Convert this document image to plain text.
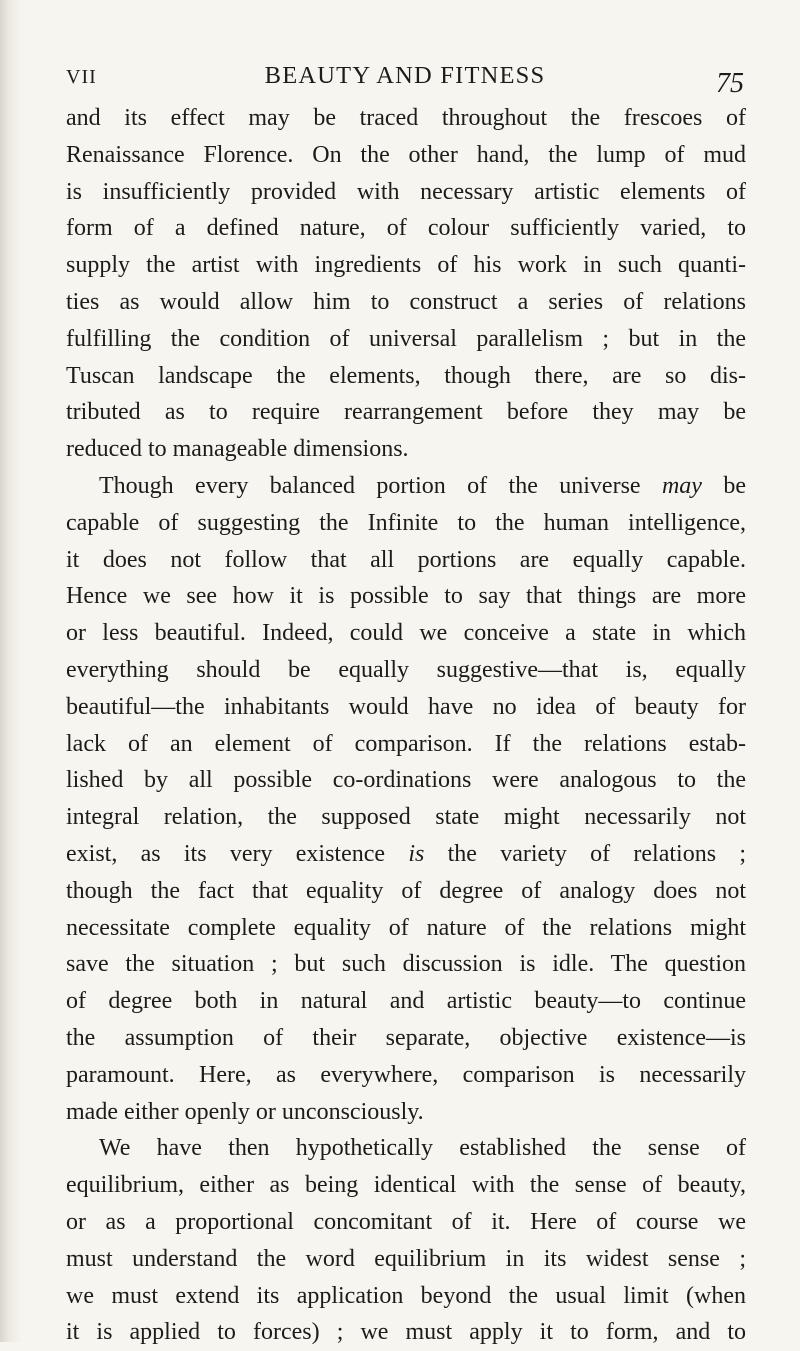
VII	BEAUTY AND FITNESS	75
and its effect may be traced throughout the frescoes of
Renaissance Florence. On the other hand, the lump of mud
is insufficiently provided with necessary artistic elements of
form of a defined nature, of colour sufficiently varied, to
supply the artist with ingredients of his work in such quanti-
ties as would allow him to construct a series of relations
fulfilling the condition of universal parallelism ; but in the
Tuscan landscape the elements, though there, are so dis-
tributed as to require rearrangement before they may be
reduced to manageable dimensions.
Though every balanced portion of the universe may be
capable of suggesting the Infinite to the human intelligence,
it does not follow that all portions are equally capable.
Hence we see how it is possible to say that things are more
or less beautiful. Indeed, could we conceive a state in which
everything should be equally suggestive—that is, equally
beautiful—the inhabitants would have no idea of beauty for
lack of an element of comparison. If the relations estab-
lished by all possible co-ordinations were analogous to the
integral relation, the supposed state might necessarily not
exist, as its very existence is the variety of relations ;
though the fact that equality of degree of analogy does not
necessitate complete equality of nature of the relations might
save the situation ; but such discussion is idle. The question
of degree both in natural and artistic beauty—to continue
the assumption of their separate, objective existence—is
paramount. Here, as everywhere, comparison is necessarily
made either openly or unconsciously.
We have then hypothetically established the sense of
equilibrium, either as being identical with the sense of beauty,
or as a proportional concomitant of it. Here of course we
must understand the word equilibrium in its widest sense ;
we must extend its application beyond the usual limit (when
it is applied to forces) ; we must apply it to form, and to
